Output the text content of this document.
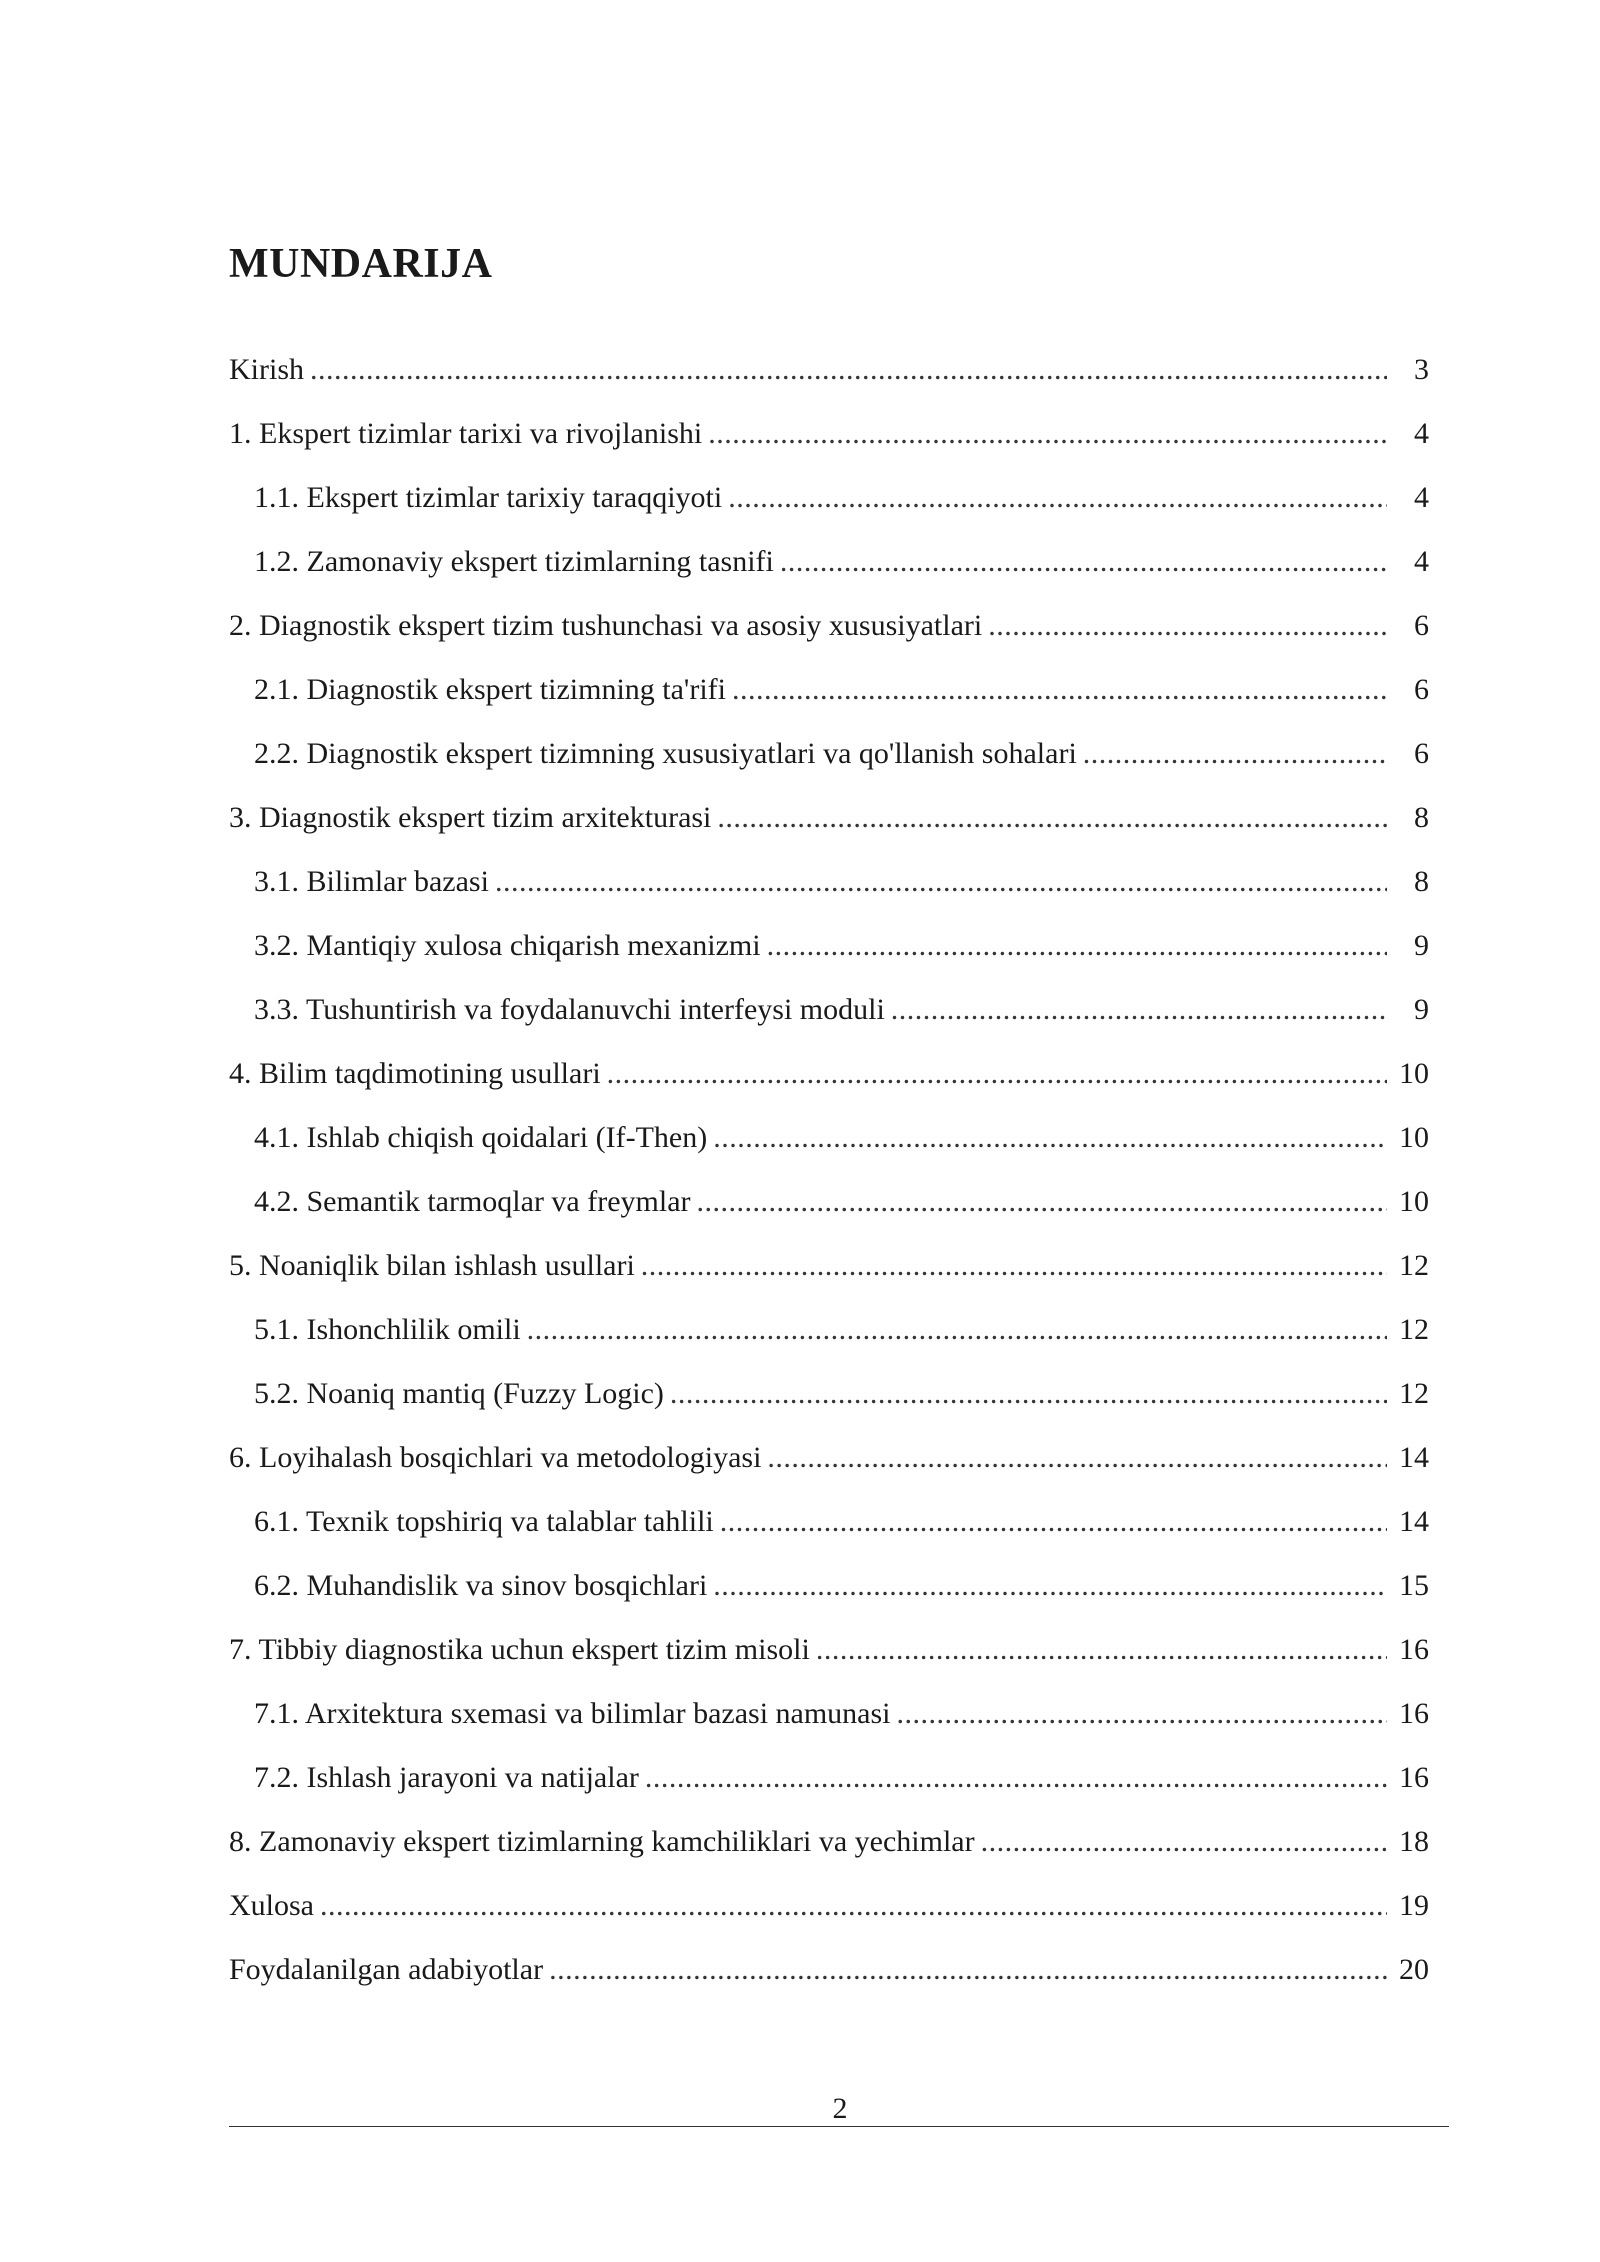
MUNDARIJA
Kirish .....	3
1. Ekspert tizimlar tarixi va rivojlanishi .....	4
1.1. Ekspert tizimlar tarixiy taraqqiyoti .....	4
1.2. Zamonaviy ekspert tizimlarning tasnifi .....	4
2. Diagnostik ekspert tizim tushunchasi va asosiy xususiyatlari .....	6
2.1. Diagnostik ekspert tizimning ta'rifi .....	6
2.2. Diagnostik ekspert tizimning xususiyatlari va qo'llanish sohalari .....	6
3. Diagnostik ekspert tizim arxitekturasi .....	8
3.1. Bilimlar bazasi .....	8
3.2. Mantiqiy xulosa chiqarish mexanizmi .....	9
3.3. Tushuntirish va foydalanuvchi interfeysi moduli .....	9
4. Bilim taqdimotining usullari .....	10
4.1. Ishlab chiqish qoidalari (If-Then) .....	10
4.2. Semantik tarmoqlar va freymlar .....	10
5. Noaniqlik bilan ishlash usullari .....	12
5.1. Ishonchlilik omili .....	12
5.2. Noaniq mantiq (Fuzzy Logic) .....	12
6. Loyihalash bosqichlari va metodologiyasi .....	14
6.1. Texnik topshiriq va talablar tahlili .....	14
6.2. Muhandislik va sinov bosqichlari .....	15
7. Tibbiy diagnostika uchun ekspert tizim misoli .....	16
7.1. Arxitektura sxemasi va bilimlar bazasi namunasi .....	16
7.2. Ishlash jarayoni va natijalar .....	16
8. Zamonaviy ekspert tizimlarning kamchiliklari va yechimlar .....	18
Xulosa .....	19
Foydalanilgan adabiyotlar .....	20
2
